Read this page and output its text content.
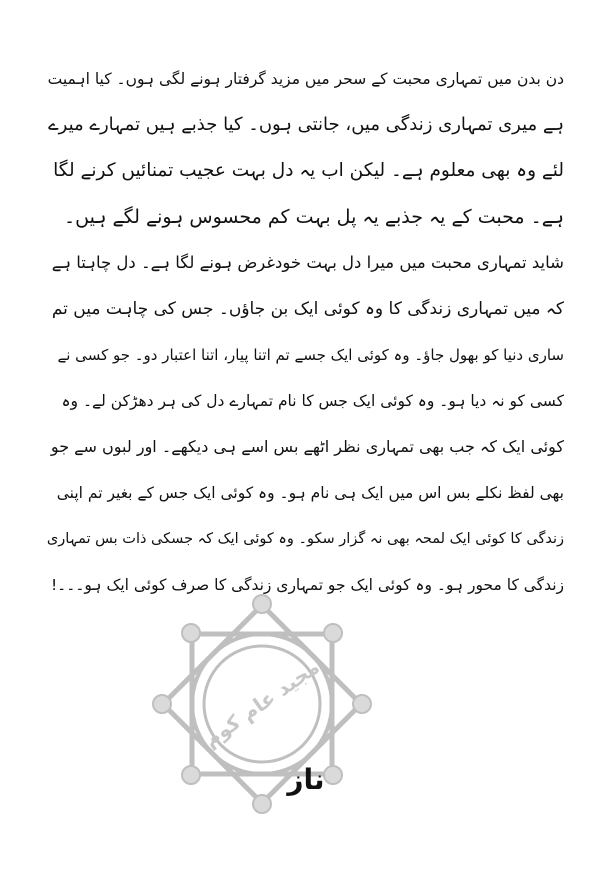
مجید عام کوم
دن بدن میں تمہاری محبت کے سحر میں مزید گرفتار ہونے لگی ہوں۔ کیا اہمیت
ہے میری تمہاری زندگی میں، جانتی ہوں۔ کیا جذبے ہیں تمہارے میرے
لئے وہ بھی معلوم ہے۔ لیکن اب یہ دل بہت عجیب تمنائیں کرنے لگا
ہے۔ محبت کے یہ جذبے یہ پل بہت کم محسوس ہونے لگے ہیں۔
شاید تمہاری محبت میں میرا دل بہت خودغرض ہونے لگا ہے۔ دل چاہتا ہے
کہ میں تمہاری زندگی کا وہ کوئی ایک بن جاؤں۔ جس کی چاہت میں تم
ساری دنیا کو بھول جاؤ۔ وہ کوئی ایک جسے تم اتنا پیار، اتنا اعتبار دو۔ جو کسی نے
کسی کو نہ دیا ہو۔ وہ کوئی ایک جس کا نام تمہارے دل کی ہر دھڑکن لے۔ وہ
کوئی ایک کہ جب بھی تمہاری نظر اٹھے بس اسے ہی دیکھے۔ اور لبوں سے جو
بھی لفظ نکلے بس اس میں ایک ہی نام ہو۔ وہ کوئی ایک جس کے بغیر تم اپنی
زندگی کا کوئی ایک لمحہ بھی نہ گزار سکو۔ وہ کوئی ایک کہ جسکی ذات بس تمہاری
زندگی کا محور ہو۔ وہ کوئی ایک جو تمہاری زندگی کا صرف کوئی ایک ہو۔۔۔!
ناز
